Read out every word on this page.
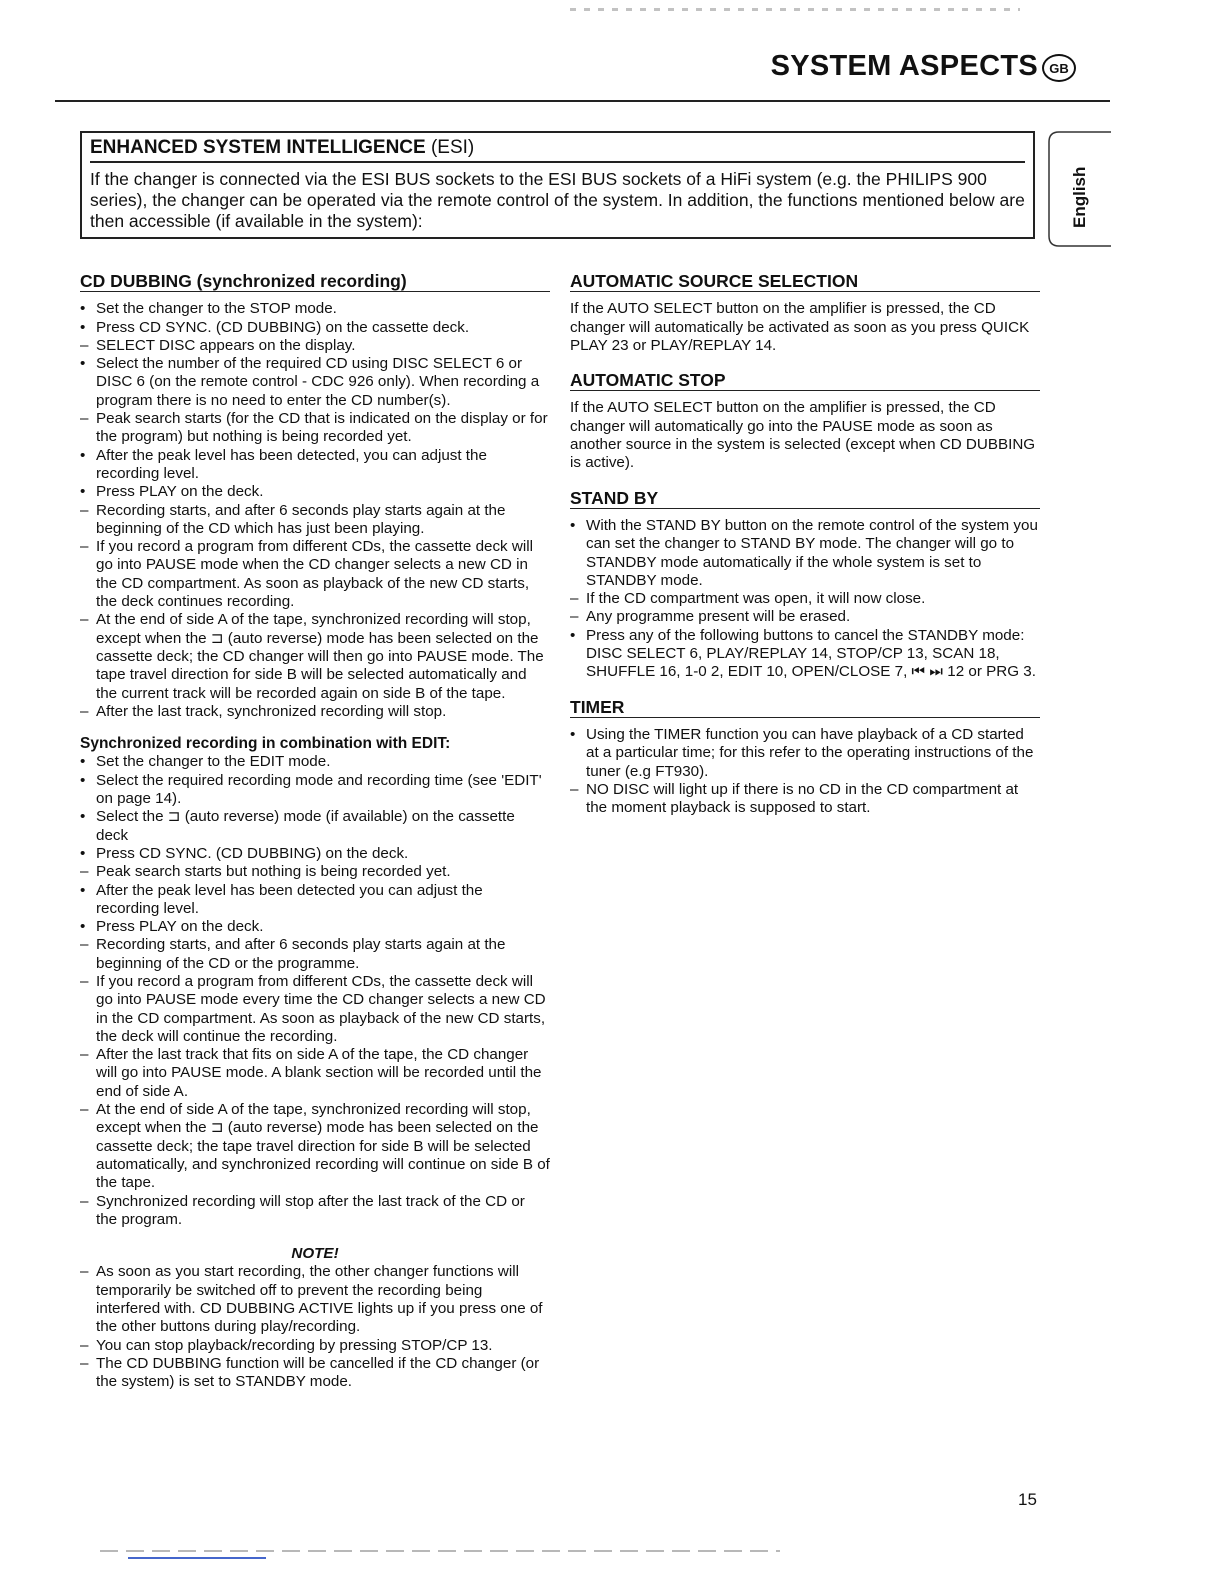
SYSTEM ASPECTS GB
ENHANCED SYSTEM INTELLIGENCE (ESI)
If the changer is connected via the ESI BUS sockets to the ESI BUS sockets of a HiFi system (e.g. the PHILIPS 900 series), the changer can be operated via the remote control of the system. In addition, the functions mentioned below are then accessible (if available in the system):	English
CD DUBBING (synchronized recording)
• Set the changer to the STOP mode.
• Press CD SYNC. (CD DUBBING) on the cassette deck.
– SELECT DISC appears on the display.
• Select the number of the required CD using DISC SELECT 6 or DISC 6 (on the remote control - CDC 926 only). When recording a program there is no need to enter the CD number(s).
– Peak search starts (for the CD that is indicated on the display or for the program) but nothing is being recorded yet.
• After the peak level has been detected, you can adjust the recording level.
• Press PLAY on the deck.
– Recording starts, and after 6 seconds play starts again at the beginning of the CD which has just been playing.
– If you record a program from different CDs, the cassette deck will go into PAUSE mode when the CD changer selects a new CD in the CD compartment. As soon as playback of the new CD starts, the deck continues recording.
– At the end of side A of the tape, synchronized recording will stop, except when the ⊐ (auto reverse) mode has been selected on the cassette deck; the CD changer will then go into PAUSE mode. The tape travel direction for side B will be selected automatically and the current track will be recorded again on side B of the tape.
– After the last track, synchronized recording will stop.
Synchronized recording in combination with EDIT:
• Set the changer to the EDIT mode.
• Select the required recording mode and recording time (see 'EDIT' on page 14).
• Select the ⊐ (auto reverse) mode (if available) on the cassette deck
• Press CD SYNC. (CD DUBBING) on the deck.
– Peak search starts but nothing is being recorded yet.
• After the peak level has been detected you can adjust the recording level.
• Press PLAY on the deck.
– Recording starts, and after 6 seconds play starts again at the beginning of the CD or the programme.
– If you record a program from different CDs, the cassette deck will go into PAUSE mode every time the CD changer selects a new CD in the CD compartment. As soon as playback of the new CD starts, the deck will continue the recording.
– After the last track that fits on side A of the tape, the CD changer will go into PAUSE mode. A blank section will be recorded until the end of side A.
– At the end of side A of the tape, synchronized recording will stop, except when the ⊐ (auto reverse) mode has been selected on the cassette deck; the tape travel direction for side B will be selected automatically, and synchronized recording will continue on side B of the tape.
– Synchronized recording will stop after the last track of the CD or the program.
NOTE!
– As soon as you start recording, the other changer functions will temporarily be switched off to prevent the recording being interfered with. CD DUBBING ACTIVE lights up if you press one of the other buttons during play/recording.
– You can stop playback/recording by pressing STOP/CP 13.
– The CD DUBBING function will be cancelled if the CD changer (or the system) is set to STANDBY mode.
AUTOMATIC SOURCE SELECTION

If the AUTO SELECT button on the amplifier is pressed, the CD changer will automatically be activated as soon as you press QUICK PLAY 23 or PLAY/REPLAY 14.

AUTOMATIC STOP

If the AUTO SELECT button on the amplifier is pressed, the CD changer will automatically go into the PAUSE mode as soon as another source in the system is selected (except when CD DUBBING is active).

STAND BY
• With the STAND BY button on the remote control of the system you can set the changer to STAND BY mode. The changer will go to STANDBY mode automatically if the whole system is set to STANDBY mode.
– If the CD compartment was open, it will now close.
– Any programme present will be erased.
• Press any of the following buttons to cancel the STANDBY mode: DISC SELECT 6, PLAY/REPLAY 14, STOP/CP 13, SCAN 18, SHUFFLE 16, 1-0 2, EDIT 10, OPEN/CLOSE 7, ⏮ ⏭ 12 or PRG 3.
TIMER
• Using the TIMER function you can have playback of a CD started at a particular time; for this refer to the operating instructions of the tuner (e.g FT930).
– NO DISC will light up if there is no CD in the CD compartment at the moment playback is supposed to start.
15
